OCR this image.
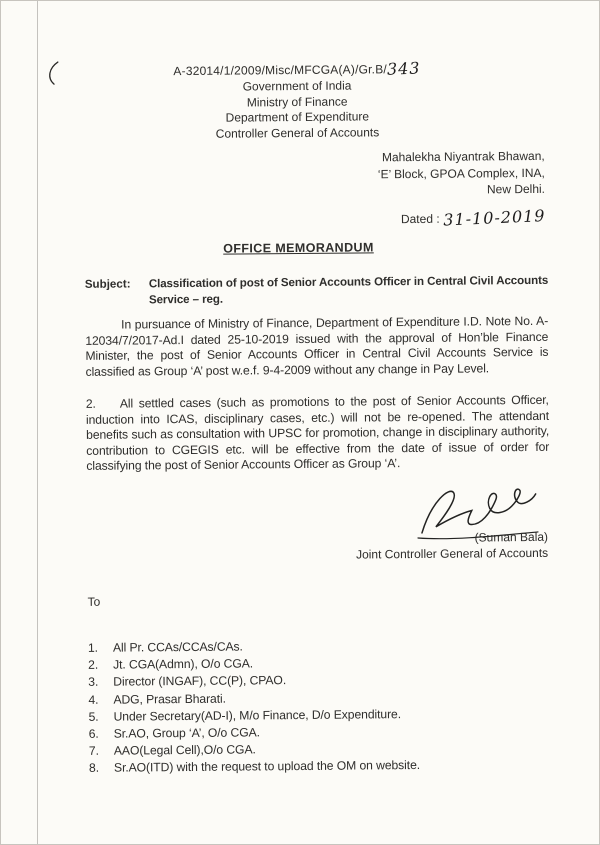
A-32014/1/2009/Misc/MFCGA(A)/Gr.B/343
Government of India
Ministry of Finance
Department of Expenditure
Controller General of Accounts
Mahalekha Niyantrak Bhawan,
‘E’ Block, GPOA Complex, INA,
New Delhi.
Dated : 31-10-2019
OFFICE MEMORANDUM
Subject:	Classification of post of Senior Accounts Officer in Central Civil Accounts Service – reg.
In pursuance of Ministry of Finance, Department of Expenditure I.D. Note No. A-12034/7/2017-Ad.I dated 25-10-2019 issued with the approval of Hon’ble Finance Minister, the post of Senior Accounts Officer in Central Civil Accounts Service is classified as Group ‘A’ post w.e.f. 9-4-2009 without any change in Pay Level.
2. All settled cases (such as promotions to the post of Senior Accounts Officer, induction into ICAS, disciplinary cases, etc.) will not be re-opened. The attendant benefits such as consultation with UPSC for promotion, change in disciplinary authority, contribution to CGEGIS etc. will be effective from the date of issue of order for classifying the post of Senior Accounts Officer as Group ‘A’.
(Suman Bala)
Joint Controller General of Accounts
To
1.	All Pr. CCAs/CCAs/CAs.
2.	Jt. CGA(Admn), O/o CGA.
3.	Director (INGAF), CC(P), CPAO.
4.	ADG, Prasar Bharati.
5.	Under Secretary(AD-I), M/o Finance, D/o Expenditure.
6.	Sr.AO, Group ‘A’, O/o CGA.
7.	AAO(Legal Cell),O/o CGA.
8.	Sr.AO(ITD) with the request to upload the OM on website.
